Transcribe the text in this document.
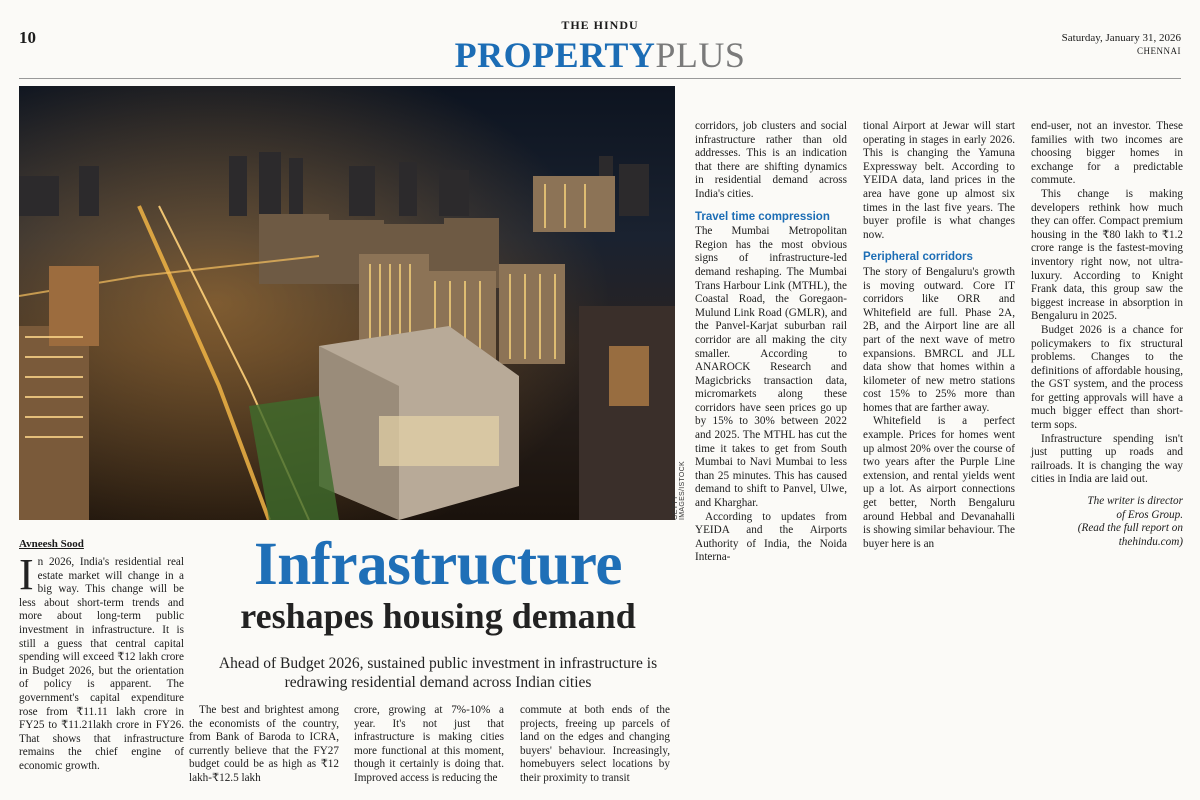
10
THE HINDU
PROPERTYPLUS	Saturday, January 31, 2026
CHENNAI
GETTY IMAGES/ISTOCK
Avneesh Sood

In 2026, India's residential real estate market will change in a big way. This change will be less about short-term trends and more about long-term public investment in infrastructure. It is still a guess that central capital spending will exceed ₹12 lakh crore in Budget 2026, but the orientation of policy is apparent. The government's capital expenditure rose from ₹11.11 lakh crore in FY25 to ₹11.21lakh crore in FY26. That shows that infrastructure remains the chief engine of economic growth.

Infrastructure
reshapes housing demand
Ahead of Budget 2026, sustained public investment in infrastructure is redrawing residential demand across Indian cities

The best and brightest among the economists of the country, from Bank of Baroda to ICRA, currently believe that the FY27 budget could be as high as ₹12 lakh-₹12.5 lakh

crore, growing at 7%-10% a year. It's not just that infrastructure is making cities more functional at this moment, though it certainly is doing that. Improved access is reducing the

commute at both ends of the projects, freeing up parcels of land on the edges and changing buyers' behaviour. Increasingly, homebuyers select locations by their proximity to transit

corridors, job clusters and social infrastructure rather than old addresses. This is an indication that there are shifting dynamics in residential demand across India's cities.

Travel time compression

The Mumbai Metropolitan Region has the most obvious signs of infrastructure-led demand reshaping. The Mumbai Trans Harbour Link (MTHL), the Coastal Road, the Goregaon-Mulund Link Road (GMLR), and the Panvel-Karjat suburban rail corridor are all making the city smaller. According to ANAROCK Research and Magicbricks transaction data, micromarkets along these corridors have seen prices go up by 15% to 30% between 2022 and 2025. The MTHL has cut the time it takes to get from South Mumbai to Navi Mumbai to less than 25 minutes. This has caused demand to shift to Panvel, Ulwe, and Kharghar.

According to updates from YEIDA and the Airports Authority of India, the Noida Interna-

tional Airport at Jewar will start operating in stages in early 2026. This is changing the Yamuna Expressway belt. According to YEIDA data, land prices in the area have gone up almost six times in the last five years. The buyer profile is what changes now.

Peripheral corridors

The story of Bengaluru's growth is moving outward. Core IT corridors like ORR and Whitefield are full. Phase 2A, 2B, and the Airport line are all part of the next wave of metro expansions. BMRCL and JLL data show that homes within a kilometer of new metro stations cost 15% to 25% more than homes that are farther away.

Whitefield is a perfect example. Prices for homes went up almost 20% over the course of two years after the Purple Line extension, and rental yields went up a lot. As airport connections get better, North Bengaluru around Hebbal and Devanahalli is showing similar behaviour. The buyer here is an

end-user, not an investor. These families with two incomes are choosing bigger homes in exchange for a predictable commute.

This change is making developers rethink how much they can offer. Compact premium housing in the ₹80 lakh to ₹1.2 crore range is the fastest-moving inventory right now, not ultra-luxury. According to Knight Frank data, this group saw the biggest increase in absorption in Bengaluru in 2025.

Budget 2026 is a chance for policymakers to fix structural problems. Changes to the definitions of affordable housing, the GST system, and the process for getting approvals will have a much bigger effect than short-term sops.

Infrastructure spending isn't just putting up roads and railroads. It is changing the way cities in India are laid out.

The writer is director
of Eros Group.
(Read the full report on
thehindu.com)
